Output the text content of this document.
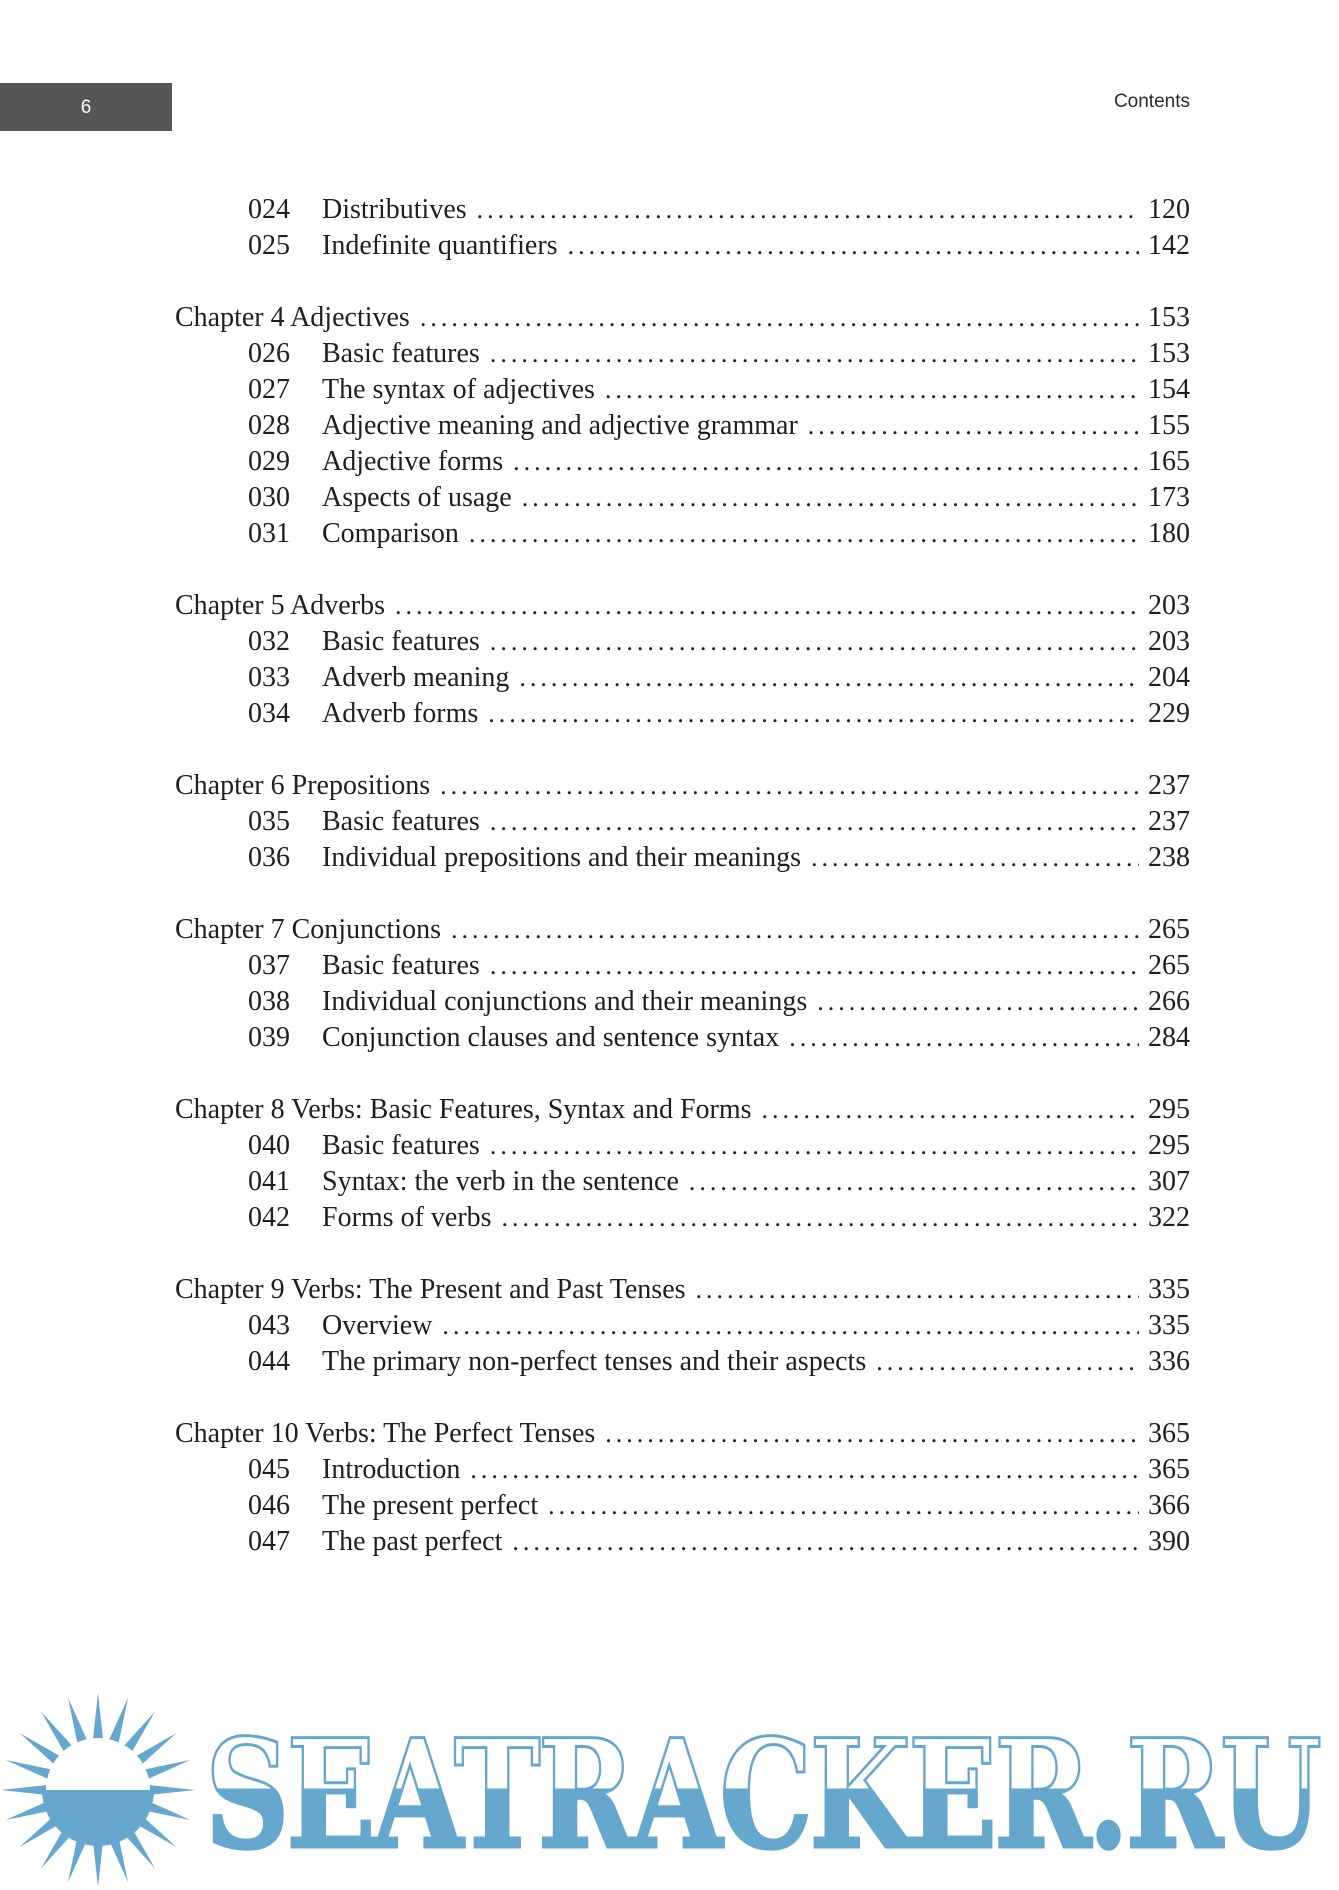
6	Contents
024	Distributives .....	120
025	Indefinite quantifiers .....	142
Chapter 4 Adjectives .....	153
026	Basic features .....	153
027	The syntax of adjectives .....	154
028	Adjective meaning and adjective grammar .....	155
029	Adjective forms .....	165
030	Aspects of usage .....	173
031	Comparison .....	180
Chapter 5 Adverbs .....	203
032	Basic features .....	203
033	Adverb meaning .....	204
034	Adverb forms .....	229
Chapter 6 Prepositions .....	237
035	Basic features .....	237
036	Individual prepositions and their meanings .....	238
Chapter 7 Conjunctions .....	265
037	Basic features .....	265
038	Individual conjunctions and their meanings .....	266
039	Conjunction clauses and sentence syntax .....	284
Chapter 8 Verbs: Basic Features, Syntax and Forms .....	295
040	Basic features .....	295
041	Syntax: the verb in the sentence .....	307
042	Forms of verbs .....	322
Chapter 9 Verbs: The Present and Past Tenses .....	335
043	Overview .....	335
044	The primary non-perfect tenses and their aspects .....	336
Chapter 10 Verbs: The Perfect Tenses .....	365
045	Introduction .....	365
046	The present perfect .....	366
047	The past perfect .....	390
SEATRACKER.RU
